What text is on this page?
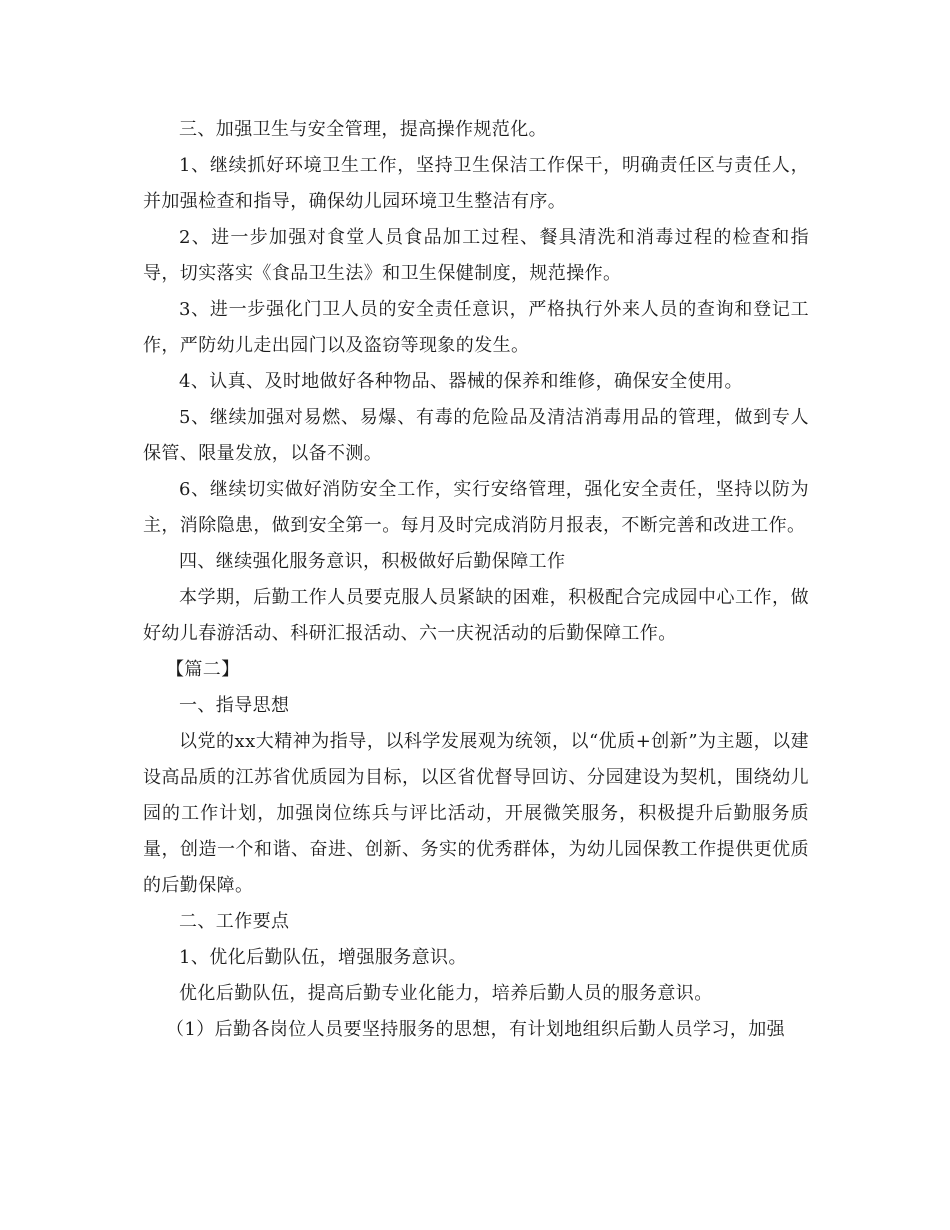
三、加强卫生与安全管理，提高操作规范化。

1、继续抓好环境卫生工作，坚持卫生保洁工作保干，明确责任区与责任人，并加强检查和指导，确保幼儿园环境卫生整洁有序。

2、进一步加强对食堂人员食品加工过程、餐具清洗和消毒过程的检查和指导，切实落实《食品卫生法》和卫生保健制度，规范操作。

3、进一步强化门卫人员的安全责任意识，严格执行外来人员的查询和登记工作，严防幼儿走出园门以及盗窃等现象的发生。

4、认真、及时地做好各种物品、器械的保养和维修，确保安全使用。

5、继续加强对易燃、易爆、有毒的危险品及清洁消毒用品的管理，做到专人保管、限量发放，以备不测。

6、继续切实做好消防安全工作，实行安络管理，强化安全责任，坚持以防为主，消除隐患，做到安全第一。每月及时完成消防月报表，不断完善和改进工作。

四、继续强化服务意识，积极做好后勤保障工作

本学期，后勤工作人员要克服人员紧缺的困难，积极配合完成园中心工作，做好幼儿春游活动、科研汇报活动、六一庆祝活动的后勤保障工作。

【篇二】

一、指导思想

以党的xx大精神为指导，以科学发展观为统领，以“优质+创新”为主题，以建设高品质的江苏省优质园为目标，以区省优督导回访、分园建设为契机，围绕幼儿园的工作计划，加强岗位练兵与评比活动，开展微笑服务，积极提升后勤服务质量，创造一个和谐、奋进、创新、务实的优秀群体，为幼儿园保教工作提供更优质的后勤保障。

二、工作要点

1、优化后勤队伍，增强服务意识。

优化后勤队伍，提高后勤专业化能力，培养后勤人员的服务意识。

（1）后勤各岗位人员要坚持服务的思想，有计划地组织后勤人员学习，加强
